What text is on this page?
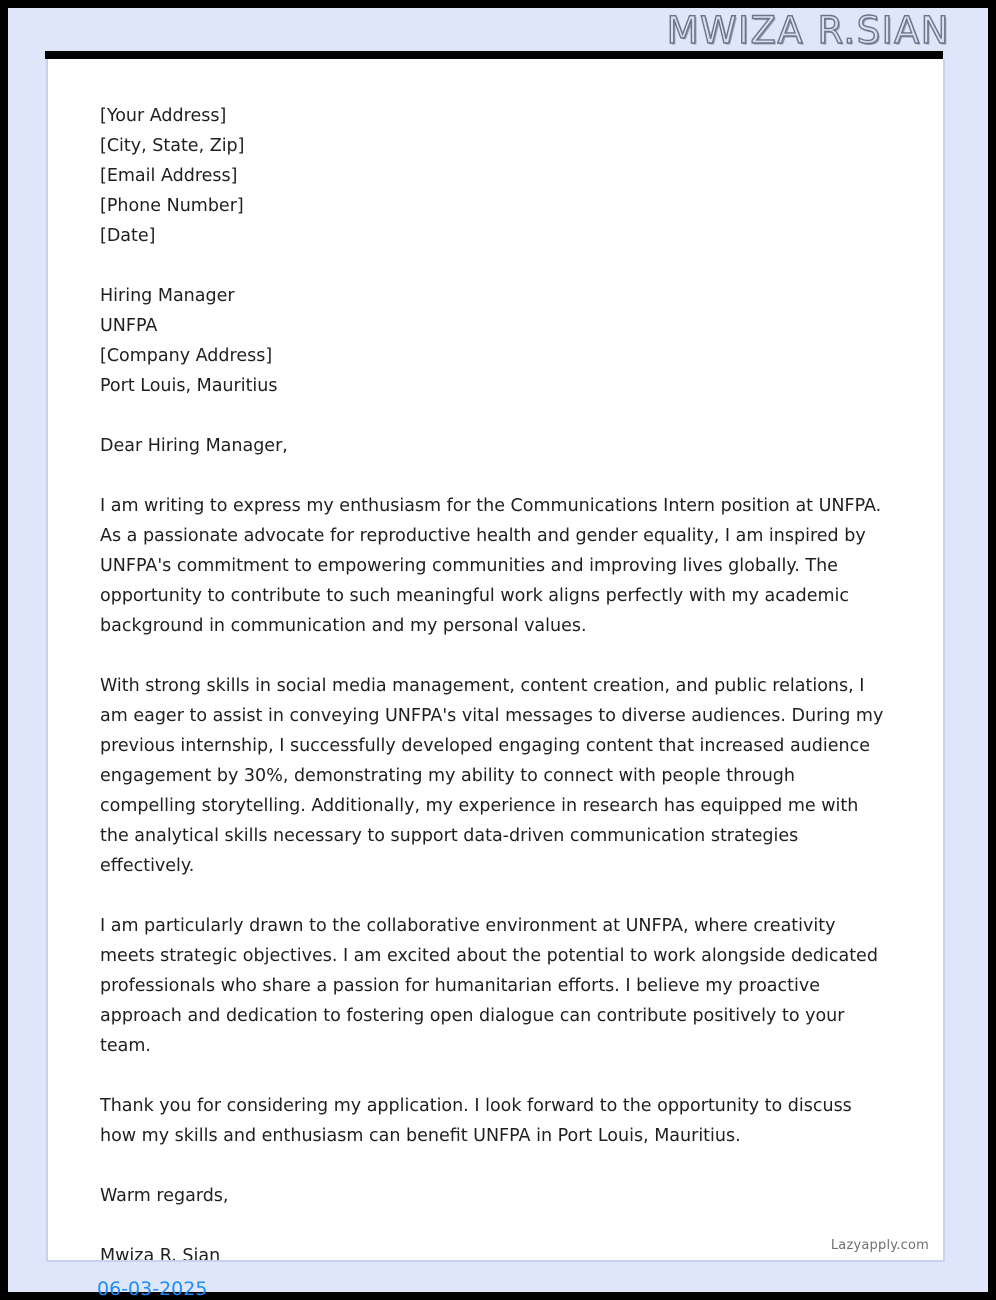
MWIZA R.SIAN
[Your Address]
[City, State, Zip]
[Email Address]
[Phone Number]
[Date]
Hiring Manager
UNFPA
[Company Address]
Port Louis, Mauritius

Dear Hiring Manager,

I am writing to express my enthusiasm for the Communications Intern position at UNFPA. As a passionate advocate for reproductive health and gender equality, I am inspired by UNFPA's commitment to empowering communities and improving lives globally. The opportunity to contribute to such meaningful work aligns perfectly with my academic background in communication and my personal values.

With strong skills in social media management, content creation, and public relations, I am eager to assist in conveying UNFPA's vital messages to diverse audiences. During my previous internship, I successfully developed engaging content that increased audience engagement by 30%, demonstrating my ability to connect with people through compelling storytelling. Additionally, my experience in research has equipped me with the analytical skills necessary to support data-driven communication strategies effectively.

I am particularly drawn to the collaborative environment at UNFPA, where creativity meets strategic objectives. I am excited about the potential to work alongside dedicated professionals who share a passion for humanitarian efforts. I believe my proactive approach and dedication to fostering open dialogue can contribute positively to your team.

Thank you for considering my application. I look forward to the opportunity to discuss how my skills and enthusiasm can benefit UNFPA in Port Louis, Mauritius.

Warm regards,

Mwiza R. Sian

Lazyapply.com
06-03-2025
